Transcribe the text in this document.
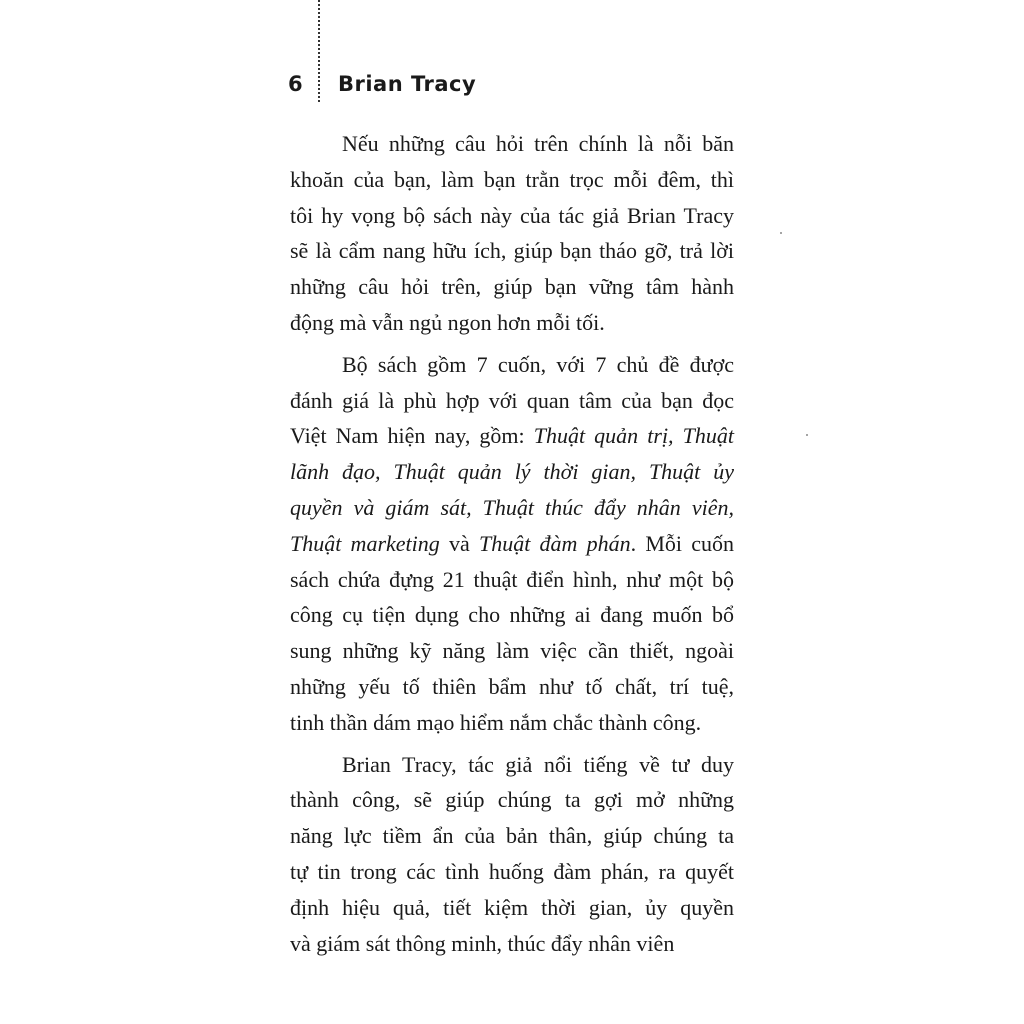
6 Brian Tracy
Nếu những câu hỏi trên chính là nỗi băn
khoăn của bạn, làm bạn trằn trọc mỗi đêm, thì
tôi hy vọng bộ sách này của tác giả Brian Tracy
sẽ là cẩm nang hữu ích, giúp bạn tháo gỡ, trả lời
những câu hỏi trên, giúp bạn vững tâm hành
động mà vẫn ngủ ngon hơn mỗi tối.
Bộ sách gồm 7 cuốn, với 7 chủ đề được
đánh giá là phù hợp với quan tâm của bạn đọc
Việt Nam hiện nay, gồm: Thuật quản trị, Thuật
lãnh đạo, Thuật quản lý thời gian, Thuật ủy
quyền và giám sát, Thuật thúc đẩy nhân viên,
Thuật marketing và Thuật đàm phán. Mỗi cuốn
sách chứa đựng 21 thuật điển hình, như một bộ
công cụ tiện dụng cho những ai đang muốn bổ
sung những kỹ năng làm việc cần thiết, ngoài
những yếu tố thiên bẩm như tố chất, trí tuệ,
tinh thần dám mạo hiểm nắm chắc thành công.
Brian Tracy, tác giả nổi tiếng về tư duy
thành công, sẽ giúp chúng ta gợi mở những
năng lực tiềm ẩn của bản thân, giúp chúng ta
tự tin trong các tình huống đàm phán, ra quyết
định hiệu quả, tiết kiệm thời gian, ủy quyền
và giám sát thông minh, thúc đẩy nhân viên
